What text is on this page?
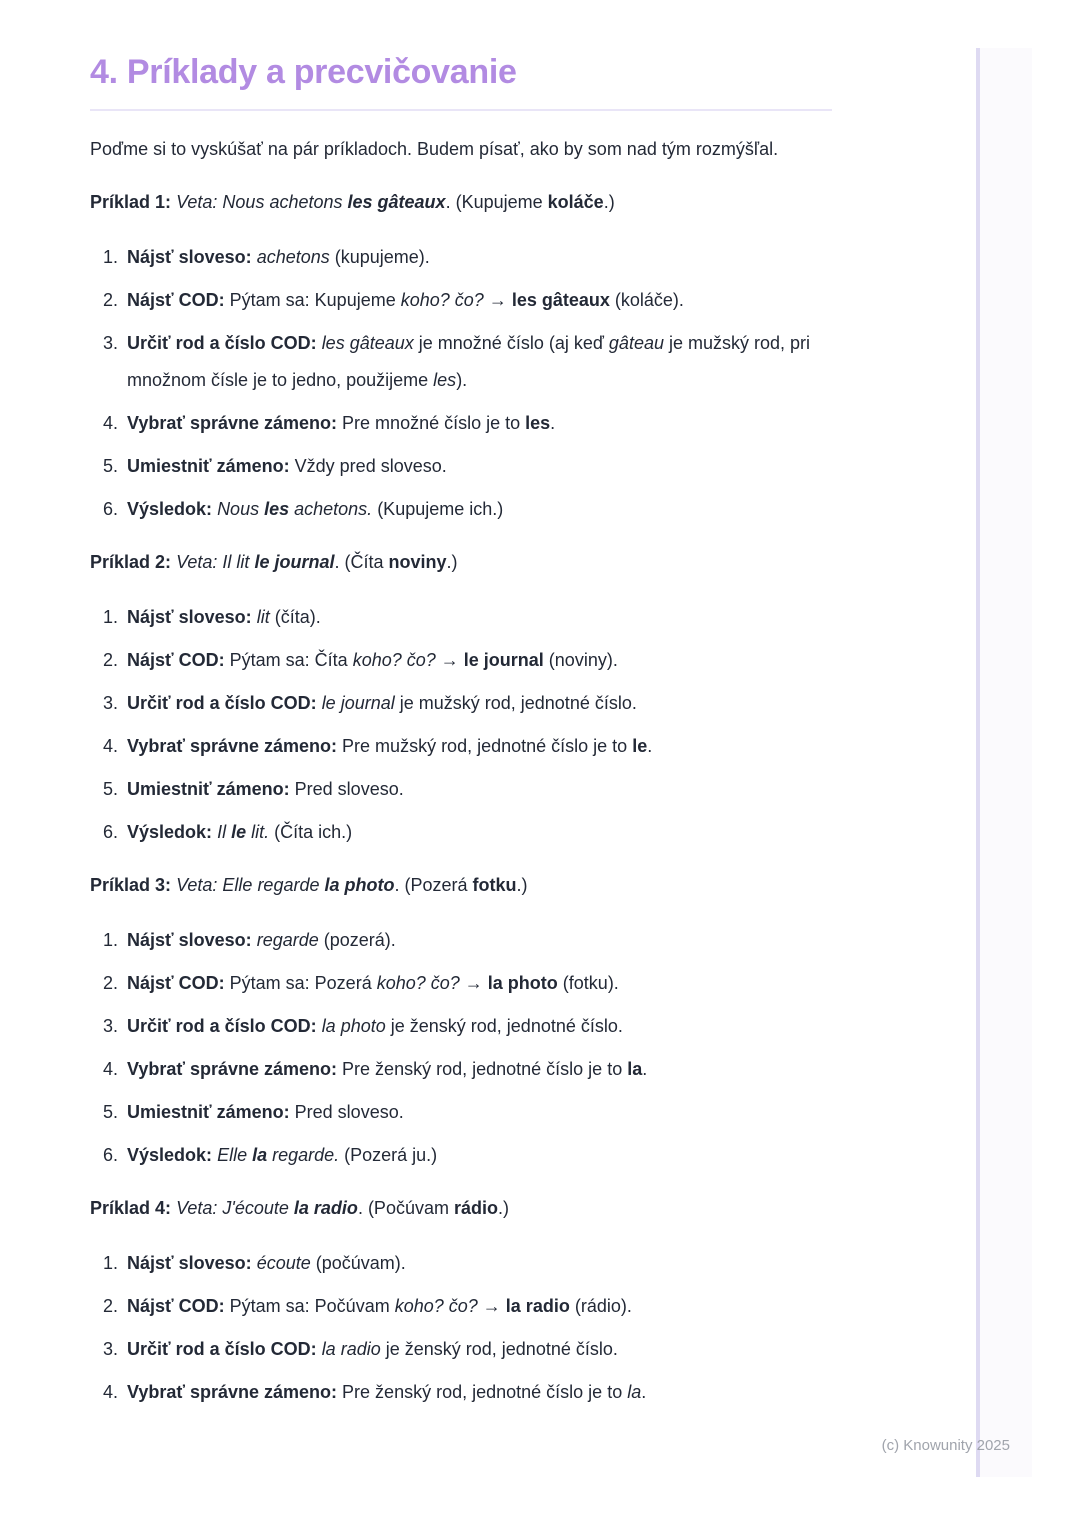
4. Príklady a precvičovanie

Poďme si to vyskúšať na pár príkladoch. Budem písať, ako by som nad tým rozmýšľal.

Príklad 1: Veta: Nous achetons les gâteaux. (Kupujeme koláče.)

1. Nájsť sloveso: achetons (kupujeme).
2. Nájsť COD: Pýtam sa: Kupujeme koho? čo? → les gâteaux (koláče).
3. Určiť rod a číslo COD: les gâteaux je množné číslo (aj keď gâteau je mužský rod, pri množnom čísle je to jedno, použijeme les).
4. Vybrať správne zámeno: Pre množné číslo je to les.
5. Umiestniť zámeno: Vždy pred sloveso.
6. Výsledok: Nous les achetons. (Kupujeme ich.)

Príklad 2: Veta: Il lit le journal. (Číta noviny.)

1. Nájsť sloveso: lit (číta).
2. Nájsť COD: Pýtam sa: Číta koho? čo? → le journal (noviny).
3. Určiť rod a číslo COD: le journal je mužský rod, jednotné číslo.
4. Vybrať správne zámeno: Pre mužský rod, jednotné číslo je to le.
5. Umiestniť zámeno: Pred sloveso.
6. Výsledok: Il le lit. (Číta ich.)

Príklad 3: Veta: Elle regarde la photo. (Pozerá fotku.)

1. Nájsť sloveso: regarde (pozerá).
2. Nájsť COD: Pýtam sa: Pozerá koho? čo? → la photo (fotku).
3. Určiť rod a číslo COD: la photo je ženský rod, jednotné číslo.
4. Vybrať správne zámeno: Pre ženský rod, jednotné číslo je to la.
5. Umiestniť zámeno: Pred sloveso.
6. Výsledok: Elle la regarde. (Pozerá ju.)

Príklad 4: Veta: J'écoute la radio. (Počúvam rádio.)

1. Nájsť sloveso: écoute (počúvam).
2. Nájsť COD: Pýtam sa: Počúvam koho? čo? → la radio (rádio).
3. Určiť rod a číslo COD: la radio je ženský rod, jednotné číslo.
4. Vybrať správne zámeno: Pre ženský rod, jednotné číslo je to la.
(c) Knowunity 2025
